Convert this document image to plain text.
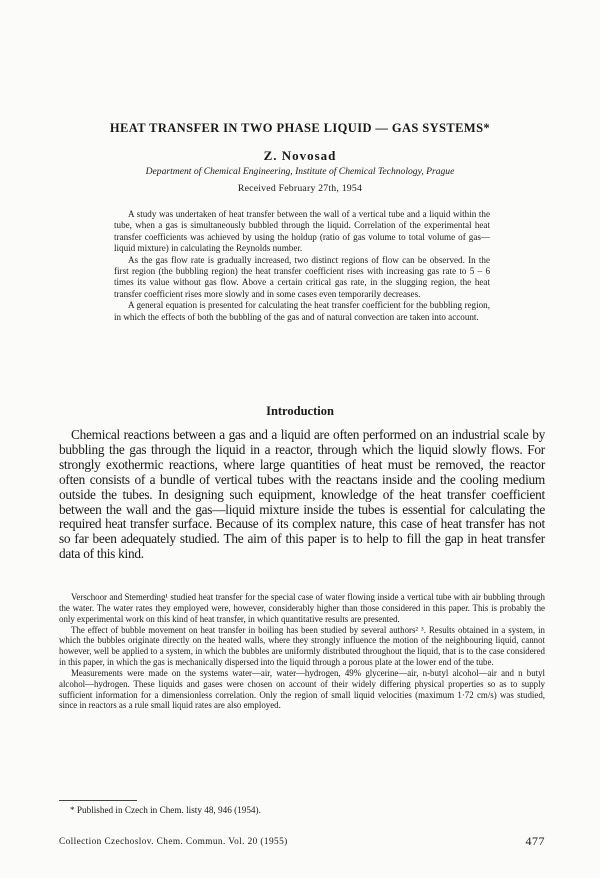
HEAT TRANSFER IN TWO PHASE LIQUID — GAS SYSTEMS*
Z. Novosad
Department of Chemical Engineering, Institute of Chemical Technology, Prague
Received February 27th, 1954

A study was undertaken of heat transfer between the wall of a vertical tube and a liquid within the tube, when a gas is simultaneously bubbled through the liquid. Correlation of the experimental heat transfer coefficients was achieved by using the holdup (ratio of gas volume to total volume of gas—liquid mixture) in calculating the Reynolds number.

As the gas flow rate is gradually increased, two distinct regions of flow can be observed. In the first region (the bubbling region) the heat transfer coefficient rises with increasing gas rate to 5 – 6 times its value without gas flow. Above a certain critical gas rate, in the slugging region, the heat transfer coefficient rises more slowly and in some cases even temporarily decreases.

A general equation is presented for calculating the heat transfer coefficient for the bubbling region, in which the effects of both the bubbling of the gas and of natural convection are taken into account.

Introduction

Chemical reactions between a gas and a liquid are often performed on an industrial scale by bubbling the gas through the liquid in a reactor, through which the liquid slowly flows. For strongly exothermic reactions, where large quantities of heat must be removed, the reactor often consists of a bundle of vertical tubes with the reactans inside and the cooling medium outside the tubes. In designing such equipment, knowledge of the heat transfer coefficient between the wall and the gas—liquid mixture inside the tubes is essential for calculating the required heat transfer surface. Because of its complex nature, this case of heat transfer has not so far been adequately studied. The aim of this paper is to help to fill the gap in heat transfer data of this kind.

Verschoor and Stemerding¹ studied heat transfer for the special case of water flowing inside a vertical tube with air bubbling through the water. The water rates they employed were, however, considerably higher than those considered in this paper. This is probably the only experimental work on this kind of heat transfer, in which quantitative results are presented.

The effect of bubble movement on heat transfer in boiling has been studied by several authors² ³. Results obtained in a system, in which the bubbles originate directly on the heated walls, where they strongly influence the motion of the neighbouring liquid, cannot however, well be applied to a system, in which the bubbles are uniformly distributed throughout the liquid, that is to the case considered in this paper, in which the gas is mechanically dispersed into the liquid through a porous plate at the lower end of the tube.

Measurements were made on the systems water—air, water—hydrogen, 49% glycerine—air, n-butyl alcohol—air and n butyl alcohol—hydrogen. These liquids and gases were chosen on account of their widely differing physical properties so as to supply sufficient information for a dimensionless correlation. Only the region of small liquid velocities (maximum 1·72 cm/s) was studied, since in reactors as a rule small liquid rates are also employed.

* Published in Czech in Chem. listy 48, 946 (1954).
Collection Czechoslov. Chem. Commun. Vol. 20 (1955)	477
